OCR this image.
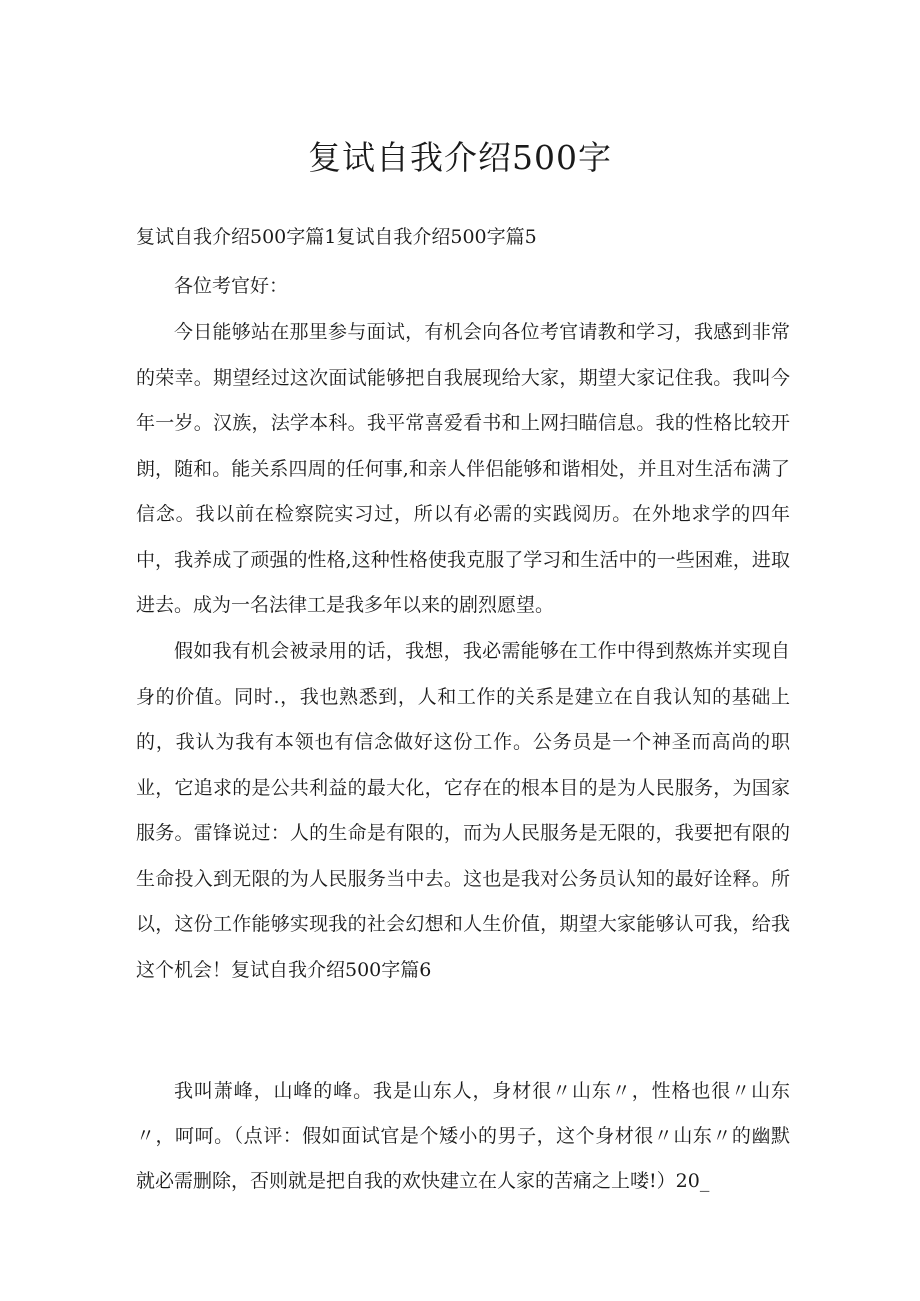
复试自我介绍500字
复试自我介绍500字篇1复试自我介绍500字篇5

各位考官好：

今日能够站在那里参与面试，有机会向各位考官请教和学习，我感到非常的荣幸。期望经过这次面试能够把自我展现给大家，期望大家记住我。我叫今年一岁。汉族，法学本科。我平常喜爱看书和上网扫瞄信息。我的性格比较开朗，随和。能关系四周的任何事,和亲人伴侣能够和谐相处，并且对生活布满了信念。我以前在检察院实习过，所以有必需的实践阅历。在外地求学的四年中，我养成了顽强的性格,这种性格使我克服了学习和生活中的一些困难，进取进去。成为一名法律工是我多年以来的剧烈愿望。

假如我有机会被录用的话，我想，我必需能够在工作中得到熬炼并实现自身的价值。同时.，我也熟悉到，人和工作的关系是建立在自我认知的基础上的，我认为我有本领也有信念做好这份工作。公务员是一个神圣而高尚的职业，它追求的是公共利益的最大化，它存在的根本目的是为人民服务，为国家服务。雷锋说过：人的生命是有限的，而为人民服务是无限的，我要把有限的生命投入到无限的为人民服务当中去。这也是我对公务员认知的最好诠释。所以，这份工作能够实现我的社会幻想和人生价值，期望大家能够认可我，给我这个机会！复试自我介绍500字篇6

我叫萧峰，山峰的峰。我是山东人，身材很〃山东〃，性格也很〃山东〃，呵呵。（点评：假如面试官是个矮小的男子，这个身材很〃山东〃的幽默就必需删除，否则就是把自我的欢快建立在人家的苦痛之上喽!）20_
